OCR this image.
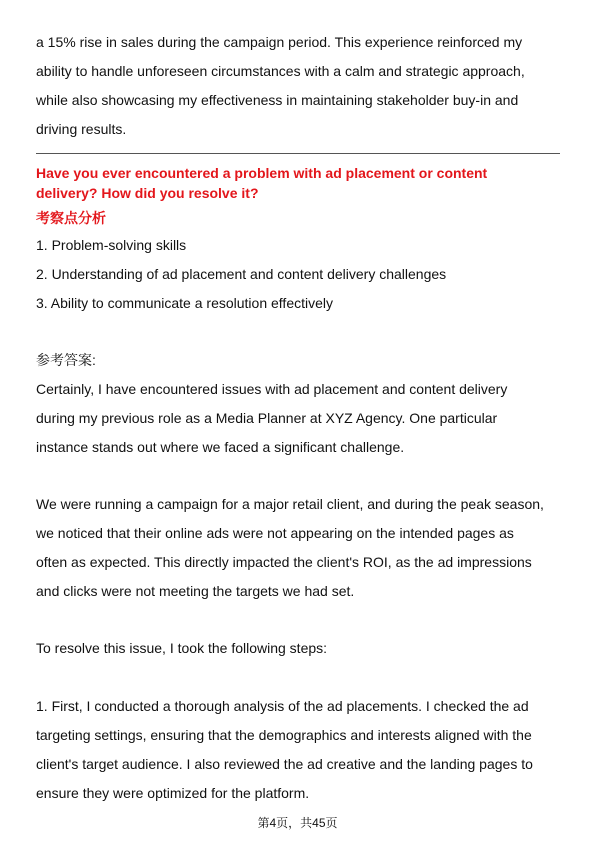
a 15% rise in sales during the campaign period. This experience reinforced my
ability to handle unforeseen circumstances with a calm and strategic approach,
while also showcasing my effectiveness in maintaining stakeholder buy-in and
driving results.

Have you ever encountered a problem with ad placement or content
delivery? How did you resolve it?
考察点分析
1. Problem-solving skills
2. Understanding of ad placement and content delivery challenges
3. Ability to communicate a resolution effectively

参考答案:

Certainly, I have encountered issues with ad placement and content delivery
during my previous role as a Media Planner at XYZ Agency. One particular
instance stands out where we faced a significant challenge.

We were running a campaign for a major retail client, and during the peak season,
we noticed that their online ads were not appearing on the intended pages as
often as expected. This directly impacted the client's ROI, as the ad impressions
and clicks were not meeting the targets we had set.

To resolve this issue, I took the following steps:

1. First, I conducted a thorough analysis of the ad placements. I checked the ad
targeting settings, ensuring that the demographics and interests aligned with the
client's target audience. I also reviewed the ad creative and the landing pages to
ensure they were optimized for the platform.

第4页，共45页
